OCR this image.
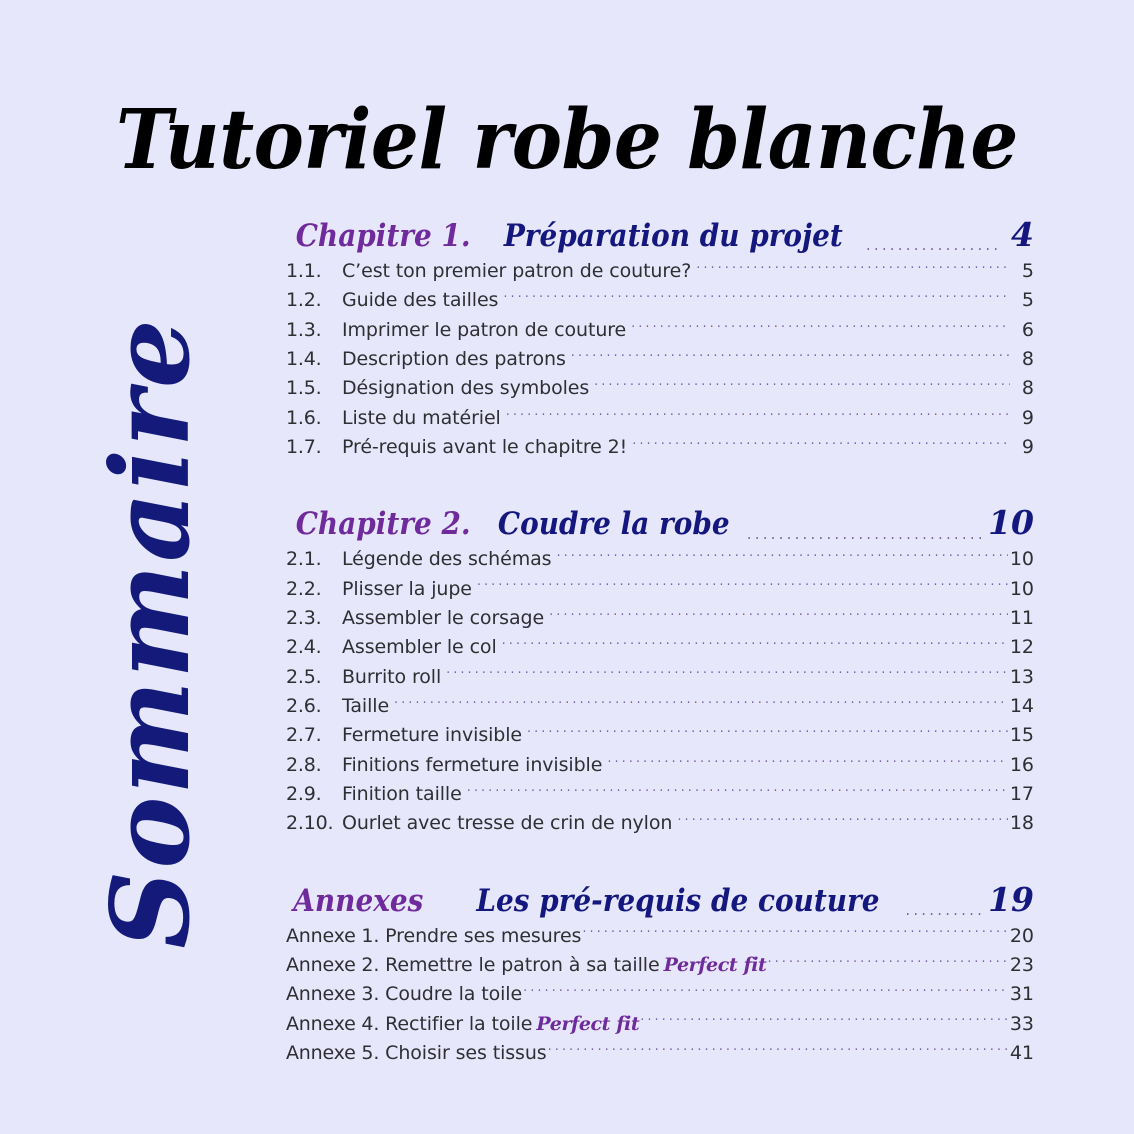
Tutoriel robe blanche
Sommaire
Chapitre 1. Préparation du projet .....	4
1.1.	C’est ton premier patron de couture? .....	5
1.2.	Guide des tailles .....	5
1.3.	Imprimer le patron de couture .....	6
1.4.	Description des patrons .....	8
1.5.	Désignation des symboles .....	8
1.6.	Liste du matériel .....	9
1.7.	Pré-requis avant le chapitre 2! .....	9
Chapitre 2. Coudre la robe .....	10
2.1.	Légende des schémas .....	10
2.2.	Plisser la jupe .....	10
2.3.	Assembler le corsage .....	11
2.4.	Assembler le col .....	12
2.5.	Burrito roll .....	13
2.6.	Taille .....	14
2.7.	Fermeture invisible .....	15
2.8.	Finitions fermeture invisible .....	16
2.9.	Finition taille .....	17
2.10. Ourlet avec tresse de crin de nylon .....	18
Annexes Les pré-requis de couture .....	19
Annexe 1. Prendre ses mesures .....	20
Annexe 2. Remettre le patron à sa taille Perfect fit .....	23
Annexe 3. Coudre la toile .....	31
Annexe 4. Rectifier la toile Perfect fit .....	33
Annexe 5. Choisir ses tissus .....	41
